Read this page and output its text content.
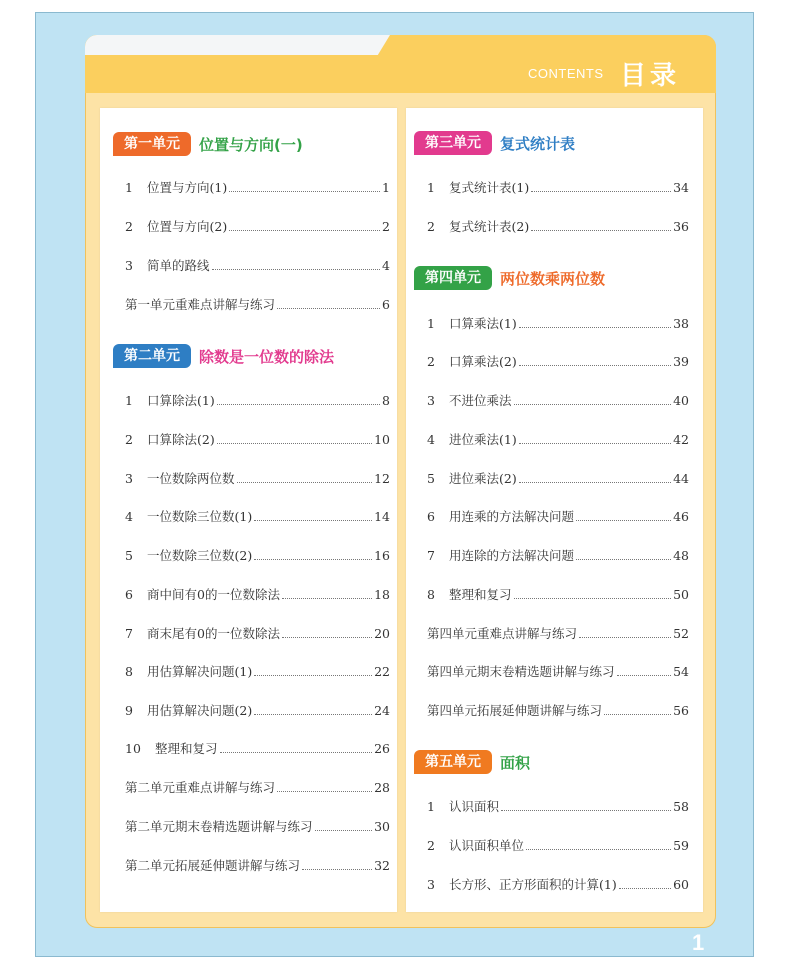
CONTENTS 目录
第一单元	位置与方向(一)
1	位置与方向(1)	1
2	位置与方向(2)	2
3	简单的路线	4
第一单元重难点讲解与练习	6
第二单元	除数是一位数的除法
1	口算除法(1)	8
2	口算除法(2)	10
3	一位数除两位数	12
4	一位数除三位数(1)	14
5	一位数除三位数(2)	16
6	商中间有0的一位数除法	18
7	商末尾有0的一位数除法	20
8	用估算解决问题(1)	22
9	用估算解决问题(2)	24
10	整理和复习	26
第二单元重难点讲解与练习	28
第二单元期末卷精选题讲解与练习	30
第二单元拓展延伸题讲解与练习	32
第三单元	复式统计表
1	复式统计表(1)	34
2	复式统计表(2)	36
第四单元	两位数乘两位数
1	口算乘法(1)	38
2	口算乘法(2)	39
3	不进位乘法	40
4	进位乘法(1)	42
5	进位乘法(2)	44
6	用连乘的方法解决问题	46
7	用连除的方法解决问题	48
8	整理和复习	50
第四单元重难点讲解与练习	52
第四单元期末卷精选题讲解与练习	54
第四单元拓展延伸题讲解与练习	56
第五单元	面积
1	认识面积	58
2	认识面积单位	59
3	长方形、正方形面积的计算(1)	60
1
